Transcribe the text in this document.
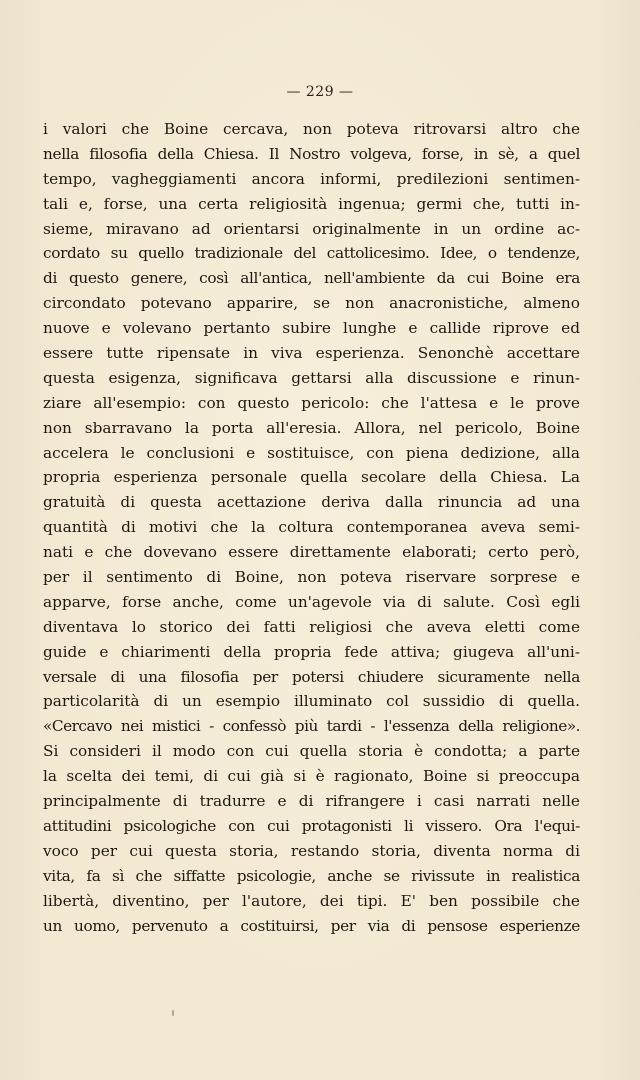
— 229 —
i valori che Boine cercava, non poteva ritrovarsi altro che
nella filosofia della Chiesa. Il Nostro volgeva, forse, in sè, a quel
tempo, vagheggiamenti ancora informi, predilezioni sentimen-
tali e, forse, una certa religiosità ingenua; germi che, tutti in-
sieme, miravano ad orientarsi originalmente in un ordine ac-
cordato su quello tradizionale del cattolicesimo. Idee, o tendenze,
di questo genere, così all'antica, nell'ambiente da cui Boine era
circondato potevano apparire, se non anacronistiche, almeno
nuove e volevano pertanto subire lunghe e callide riprove ed
essere tutte ripensate in viva esperienza. Senonchè accettare
questa esigenza, significava gettarsi alla discussione e rinun-
ziare all'esempio: con questo pericolo: che l'attesa e le prove
non sbarravano la porta all'eresia. Allora, nel pericolo, Boine
accelera le conclusioni e sostituisce, con piena dedizione, alla
propria esperienza personale quella secolare della Chiesa. La
gratuità di questa acettazione deriva dalla rinuncia ad una
quantità di motivi che la coltura contemporanea aveva semi-
nati e che dovevano essere direttamente elaborati; certo però,
per il sentimento di Boine, non poteva riservare sorprese e
apparve, forse anche, come un'agevole via di salute. Così egli
diventava lo storico dei fatti religiosi che aveva eletti come
guide e chiarimenti della propria fede attiva; giugeva all'uni-
versale di una filosofia per potersi chiudere sicuramente nella
particolarità di un esempio illuminato col sussidio di quella.
«Cercavo nei mistici - confessò più tardi - l'essenza della religione».
Si consideri il modo con cui quella storia è condotta; a parte
la scelta dei temi, di cui già si è ragionato, Boine si preoccupa
principalmente di tradurre e di rifrangere i casi narrati nelle
attitudini psicologiche con cui protagonisti li vissero. Ora l'equi-
voco per cui questa storia, restando storia, diventa norma di
vita, fa sì che siffatte psicologie, anche se rivissute in realistica
libertà, diventino, per l'autore, dei tipi. E' ben possibile che
un uomo, pervenuto a costituirsi, per via di pensose esperienze
